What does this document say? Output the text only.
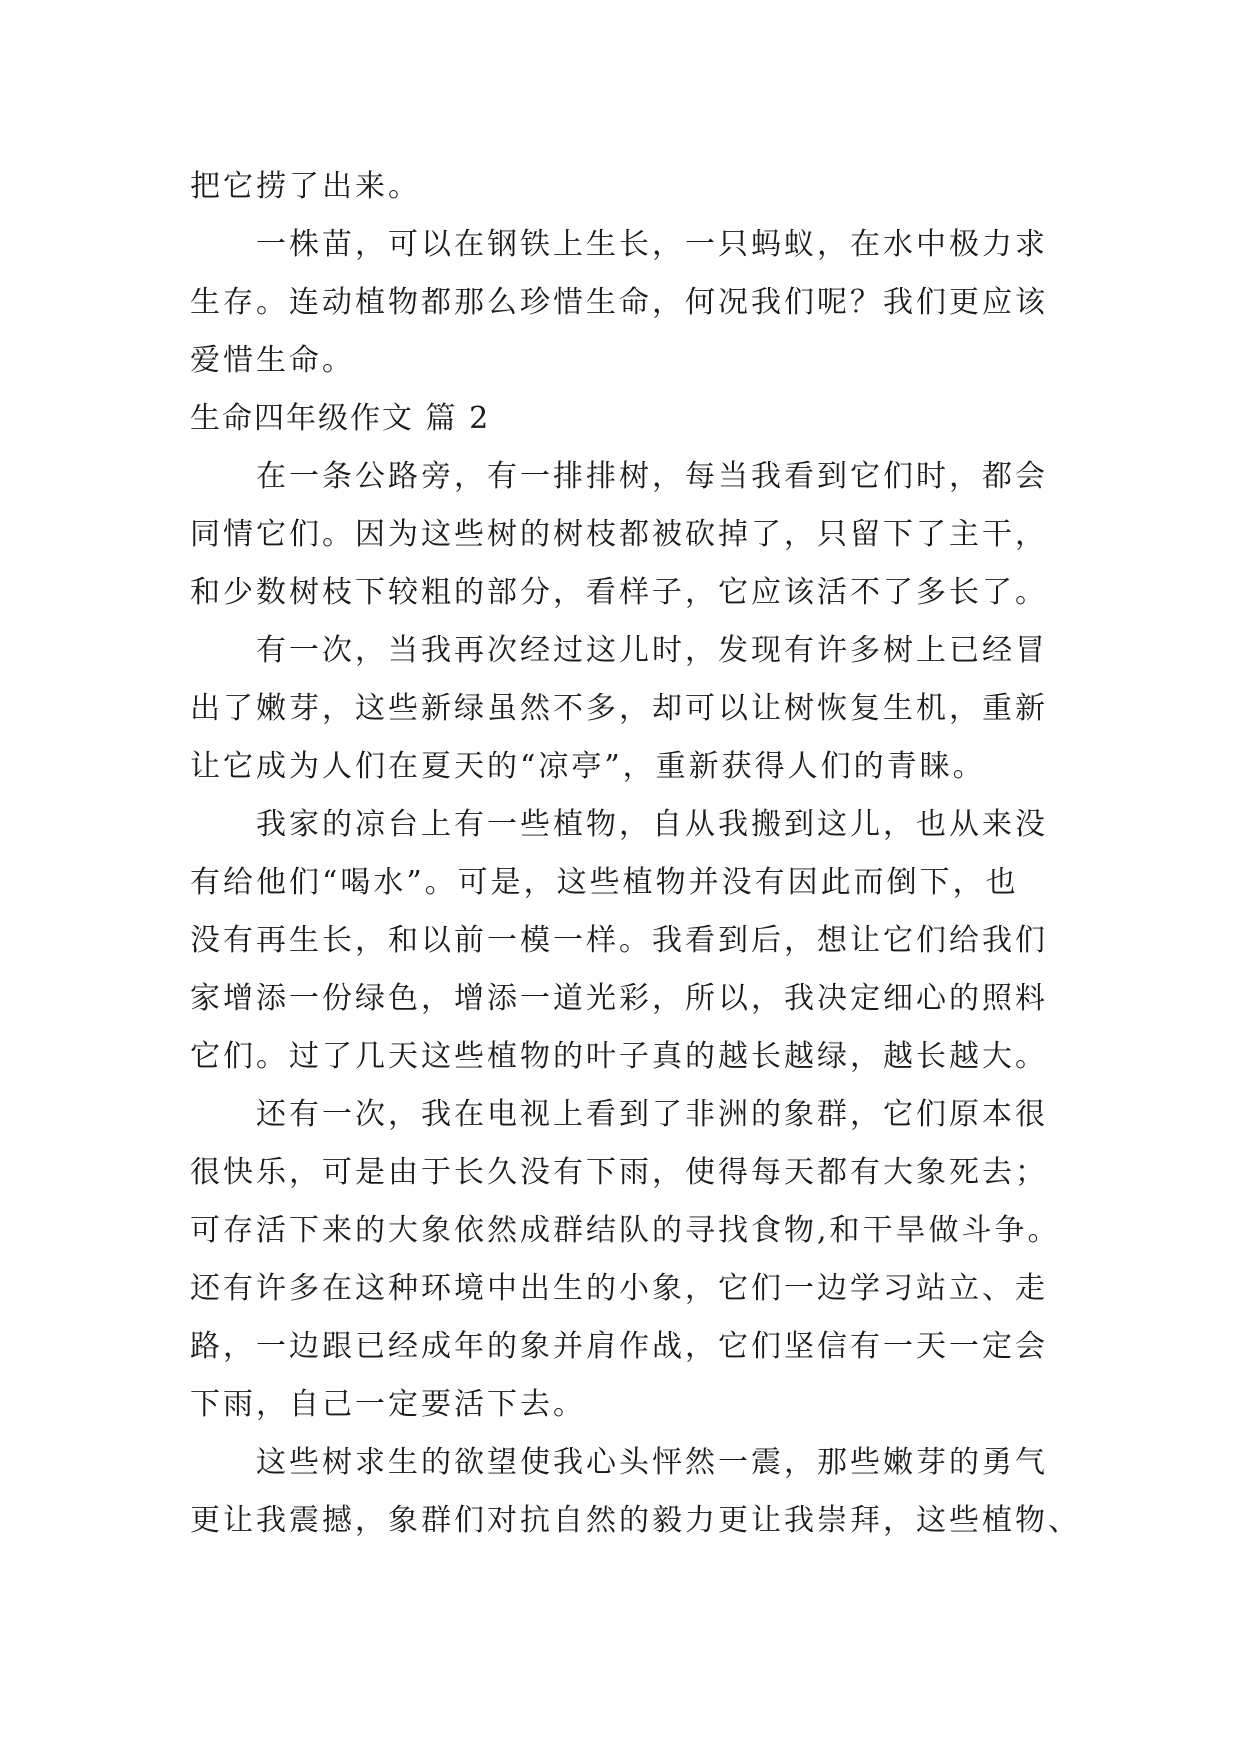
把它捞了出来。
一株苗，可以在钢铁上生长，一只蚂蚁，在水中极力求
生存。连动植物都那么珍惜生命，何况我们呢？我们更应该
爱惜生命。
生命四年级作文 篇 2
在一条公路旁，有一排排树，每当我看到它们时，都会
同情它们。因为这些树的树枝都被砍掉了，只留下了主干，
和少数树枝下较粗的部分，看样子，它应该活不了多长了。
有一次，当我再次经过这儿时，发现有许多树上已经冒
出了嫩芽，这些新绿虽然不多，却可以让树恢复生机，重新
让它成为人们在夏天的“凉亭”，重新获得人们的青睐。
我家的凉台上有一些植物，自从我搬到这儿，也从来没
有给他们“喝水”。可是，这些植物并没有因此而倒下，也
没有再生长，和以前一模一样。我看到后，想让它们给我们
家增添一份绿色，增添一道光彩，所以，我决定细心的照料
它们。过了几天这些植物的叶子真的越长越绿，越长越大。
还有一次，我在电视上看到了非洲的象群，它们原本很
很快乐，可是由于长久没有下雨，使得每天都有大象死去；
可存活下来的大象依然成群结队的寻找食物,和干旱做斗争。
还有许多在这种环境中出生的小象，它们一边学习站立、走
路，一边跟已经成年的象并肩作战，它们坚信有一天一定会
下雨，自己一定要活下去。
这些树求生的欲望使我心头怦然一震，那些嫩芽的勇气
更让我震撼，象群们对抗自然的毅力更让我崇拜，这些植物、
